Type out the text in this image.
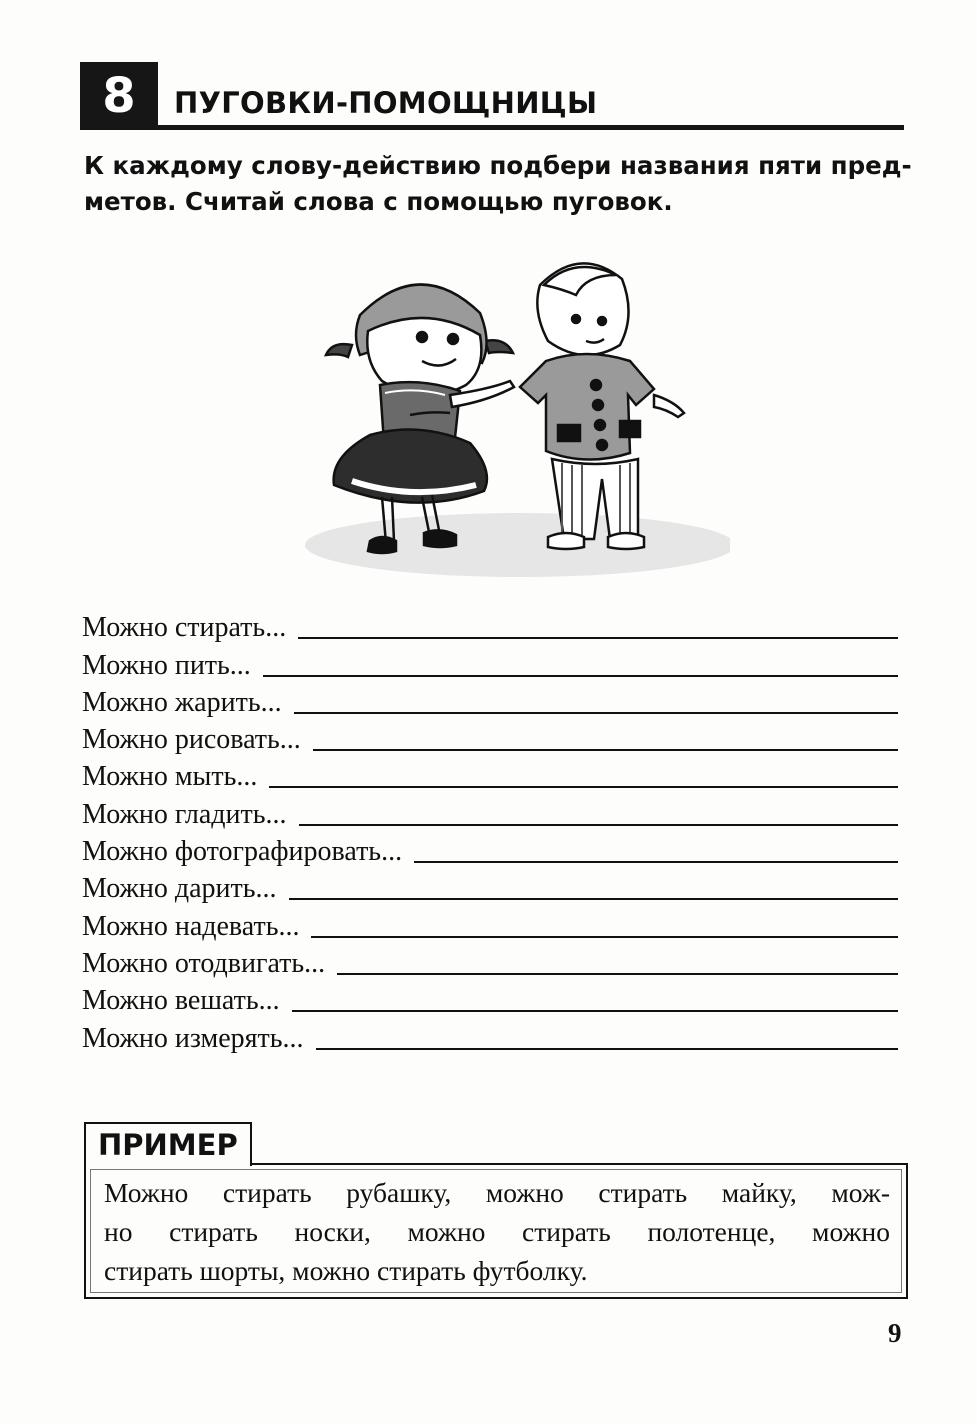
8	ПУГОВКИ-ПОМОЩНИЦЫ
К каждому слову-действию подбери названия пяти пред-
метов. Считай слова с помощью пуговок.
Можно стирать...
Можно пить...
Можно жарить...
Можно рисовать...
Можно мыть...
Можно гладить...
Можно фотографировать...
Можно дарить...
Можно надевать...
Можно отодвигать...
Можно вешать...
Можно измерять...
ПРИМЕР
Можно стирать рубашку, можно стирать майку, мож-
но стирать носки, можно стирать полотенце, можно
стирать шорты, можно стирать футболку.
9
